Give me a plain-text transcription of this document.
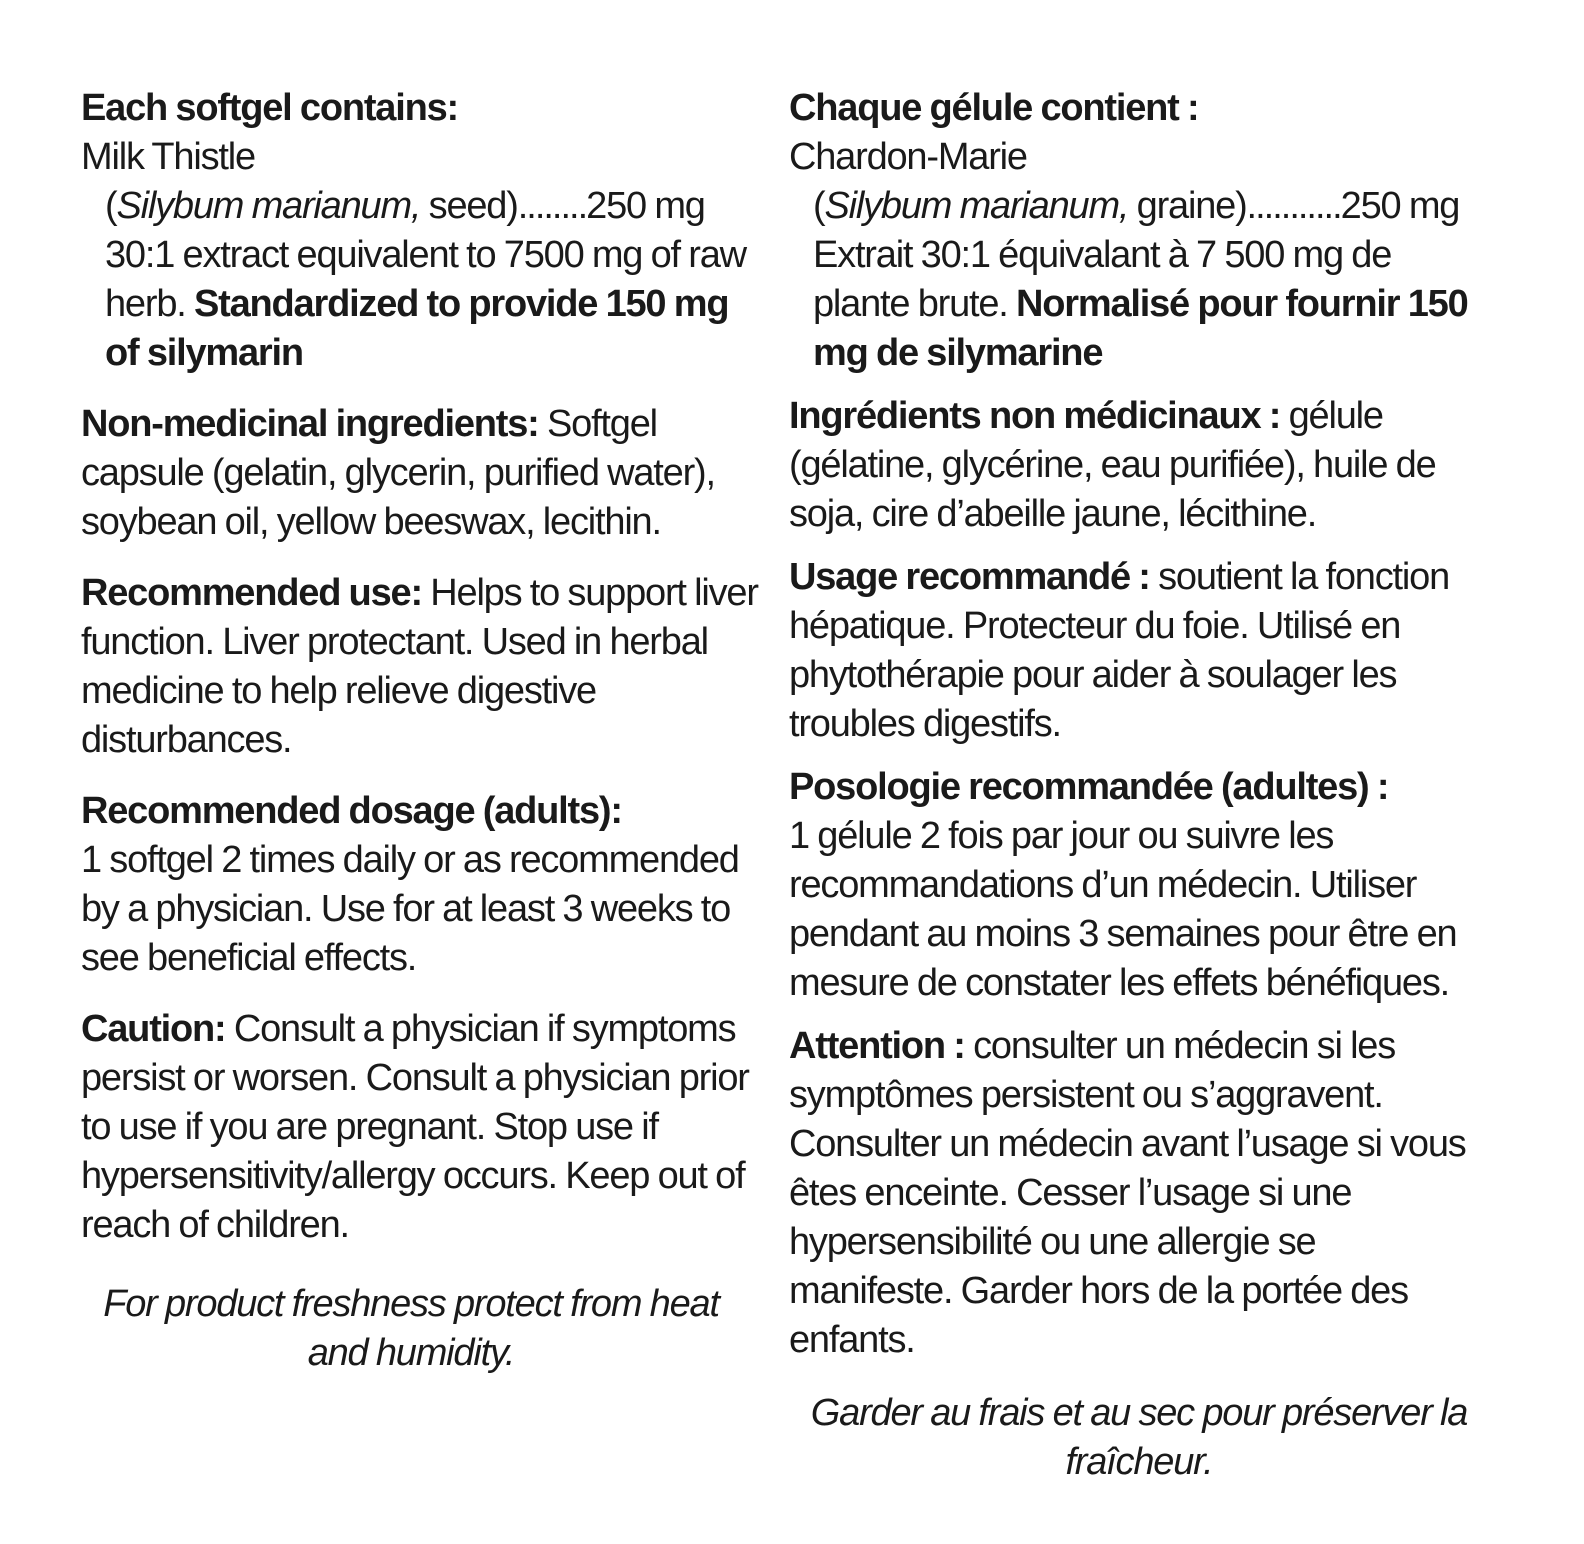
Each softgel contains:
Milk Thistle
(Silybum marianum, seed)........250 mg
30:1 extract equivalent to 7500 mg of raw herb. Standardized to provide 150 mg of silymarin
Non-medicinal ingredients: Softgel capsule (gelatin, glycerin, purified water), soybean oil, yellow beeswax, lecithin.
Recommended use: Helps to support liver function. Liver protectant. Used in herbal medicine to help relieve digestive disturbances.
Recommended dosage (adults):
1 softgel 2 times daily or as recommended by a physician. Use for at least 3 weeks to see beneficial effects.
Caution: Consult a physician if symptoms persist or worsen. Consult a physician prior to use if you are pregnant. Stop use if hypersensitivity/allergy occurs. Keep out of reach of children.
For product freshness protect from heat and humidity.
Chaque gélule contient :
Chardon-Marie
(Silybum marianum, graine)...........250 mg
Extrait 30:1 équivalant à 7 500 mg de plante brute. Normalisé pour fournir 150 mg de silymarine
Ingrédients non médicinaux : gélule (gélatine, glycérine, eau purifiée), huile de soja, cire d’abeille jaune, lécithine.
Usage recommandé : soutient la fonction hépatique. Protecteur du foie. Utilisé en phytothérapie pour aider à soulager les troubles digestifs.
Posologie recommandée (adultes) :
1 gélule 2 fois par jour ou suivre les recommandations d’un médecin. Utiliser pendant au moins 3 semaines pour être en mesure de constater les effets bénéfiques.
Attention : consulter un médecin si les symptômes persistent ou s’aggravent. Consulter un médecin avant l’usage si vous êtes enceinte. Cesser l’usage si une hypersensibilité ou une allergie se manifeste. Garder hors de la portée des enfants.
Garder au frais et au sec pour préserver la fraîcheur.
